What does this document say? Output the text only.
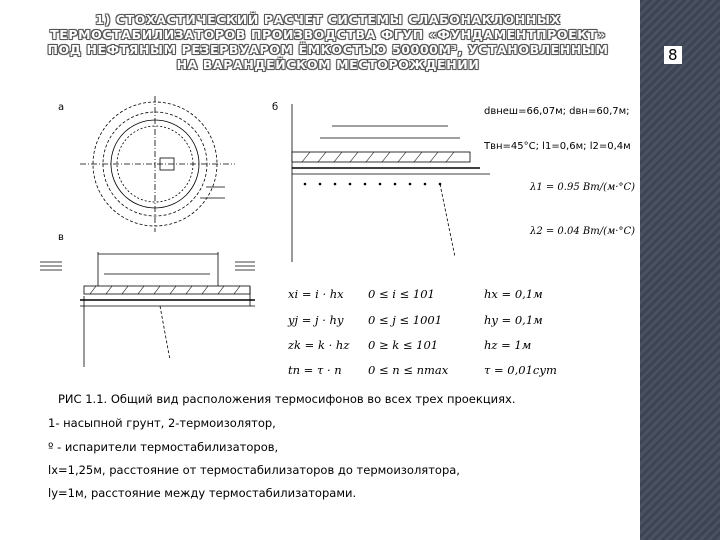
8
1) СТОХАСТИЧЕСКИЙ РАСЧЕТ СИСТЕМЫ СЛАБОНАКЛОННЫХ
ТЕРМОСТАБИЛИЗАТОРОВ ПРОИЗВОДСТВА ФГУП «ФУНДАМЕНТПРОЕКТ»
ПОД НЕФТЯНЫМ РЕЗЕРВУАРОМ ЁМКОСТЬЮ 50000М³, УСТАНОВЛЕННЫМ
НА ВАРАНДЕЙСКОМ МЕСТОРОЖДЕНИИ
а	б
в
dвнеш=66,07м; dвн=60,7м;
Tвн=45°C; l1=0,6м; l2=0,4м
λ1 = 0.95 Вт/(м·°C)
λ2 = 0.04 Вт/(м·°C)
xi = i · hx
yj = j · hy
zk = k · hz
tn = τ · n
0 ≤ i ≤ 101
0 ≤ j ≤ 1001
0 ≥ k ≤ 101
0 ≤ n ≤ nmax
hx = 0,1м
hy = 0,1м
hz = 1м
τ = 0,01сут
РИС 1.1. Общий вид расположения термосифонов во всех трех проекциях.
1- насыпной грунт, 2-термоизолятор,
º - испарители термостабилизаторов,
lx=1,25м, расстояние от термостабилизаторов до термоизолятора,
ly=1м, расстояние между термостабилизаторами.
